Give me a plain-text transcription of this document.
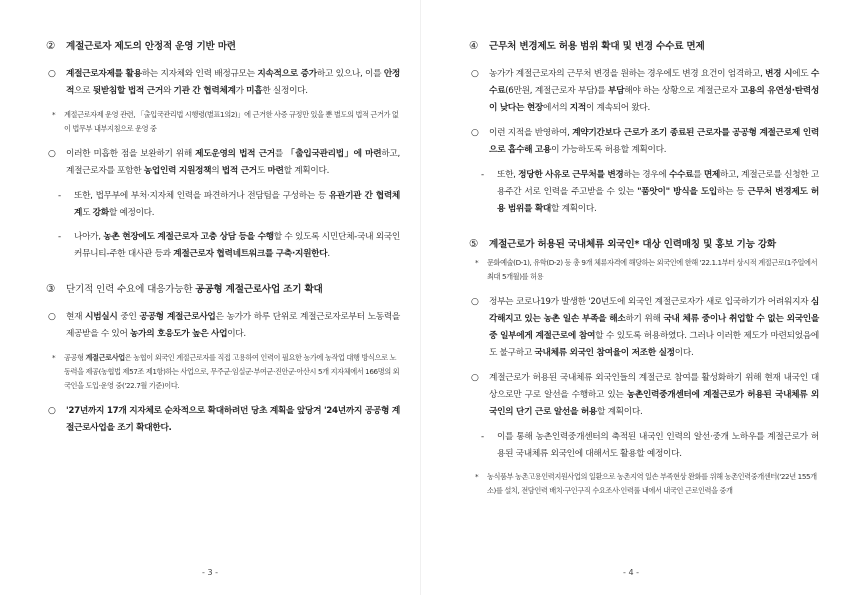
② 계절근로자 제도의 안정적 운영 기반 마련
○ 계절근로자제를 활용하는 지자체와 인력 배정규모는 지속적으로 증가하고 있으나, 이를 안정적으로 뒷받침할 법적 근거와 기관 간 협력체계가 미흡한 실정이다.
* 계절근로자제 운영 관련, 「출입국관리법 시행령(별표1의2)」에 근거한 사증 규정만 있을 뿐 별도의 법적 근거가 없이 법무부 내부지침으로 운영 중
○ 이러한 미흡한 점을 보완하기 위해 제도운영의 법적 근거를 「출입국관리법」에 마련하고, 계절근로자를 포함한 농업인력 지원정책의 법적 근거도 마련할 계획이다.
- 또한, 법무부에 부처·지자체 인력을 파견하거나 전담팀을 구성하는 등 유관기관 간 협력체계도 강화할 예정이다.
- 나아가, 농촌 현장에도 계절근로자 고충 상담 등을 수행할 수 있도록 시민단체-국내 외국인커뮤니티-주한 대사관 등과 계절근로자 협력네트워크를 구축·지원한다.
③ 단기적 인력 수요에 대응가능한 공공형 계절근로사업 조기 확대
○ 현재 시범실시 중인 공공형 계절근로사업은 농가가 하루 단위로 계절근로자로부터 노동력을 제공받을 수 있어 농가의 호응도가 높은 사업이다.
* 공공형 계절근로사업은 농협이 외국인 계절근로자를 직접 고용하여 인력이 필요한 농가에 농작업 대행 방식으로 노동력을 제공(농협법 제57조 제1항)하는 사업으로, 무주군·임실군·부여군·진안군·아산시 5개 지자체에서 166명의 외국인을 도입·운영 중('22.7월 기준)이다.
○ '27년까지 17개 지자체로 순차적으로 확대하려던 당초 계획을 앞당겨 '24년까지 공공형 계절근로사업을 조기 확대한다.
- 3 -
④ 근무처 변경제도 허용 범위 확대 및 변경 수수료 면제
○ 농가가 계절근로자의 근무처 변경을 원하는 경우에도 변경 요건이 엄격하고, 변경 시에도 수수료(6만원, 계절근로자 부담)를 부담해야 하는 상황으로 계절근로자 고용의 유연성·탄력성이 낮다는 현장에서의 지적이 계속되어 왔다.
○ 이런 지적을 반영하여, 계약기간보다 근로가 조기 종료된 근로자를 공공형 계절근로제 인력으로 흡수해 고용이 가능하도록 허용할 계획이다.
- 또한, 정당한 사유로 근무처를 변경하는 경우에 수수료를 면제하고, 계절근로를 신청한 고용주간 서로 인력을 주고받을 수 있는 "품앗이" 방식을 도입하는 등 근무처 변경제도 허용 범위를 확대할 계획이다.
⑤ 계절근로가 허용된 국내체류 외국인* 대상 인력매칭 및 홍보 기능 강화
* 문화예술(D-1), 유학(D-2) 등 총 9개 체류자격에 해당하는 외국인에 한해 '22.1.1부터 상시적 계절근로(1주일에서 최대 5개월)를 허용
○ 정부는 코로나19가 발생한 '20년도에 외국인 계절근로자가 새로 입국하기가 어려워지자 심각해지고 있는 농촌 일손 부족을 해소하기 위해 국내 체류 중이나 취업할 수 없는 외국인을 중 일부에게 계절근로에 참여할 수 있도록 허용하였다. 그러나 이러한 제도가 마련되었음에도 불구하고 국내체류 외국인 참여율이 저조한 실정이다.
○ 계절근로가 허용된 국내체류 외국인들의 계절근로 참여를 활성화하기 위해 현재 내국인 대상으로만 구로 알선을 수행하고 있는 농촌인력중개센터에 계절근로가 허용된 국내체류 외국인의 단기 근로 알선을 허용할 계획이다.
- 이를 통해 농촌인력중개센터의 축적된 내국인 인력의 알선·중개 노하우를 계절근로가 허용된 국내체류 외국인에 대해서도 활용할 예정이다.
* 농식품부 농촌고용인력지원사업의 일환으로 농촌지역 일손 부족현상 완화를 위해 농촌인력중개센터('22년 155개소)를 설치, 전담인력 배치·구인구직 수요조사·인력풀 내에서 내국인 근로인력을 중개
- 4 -
